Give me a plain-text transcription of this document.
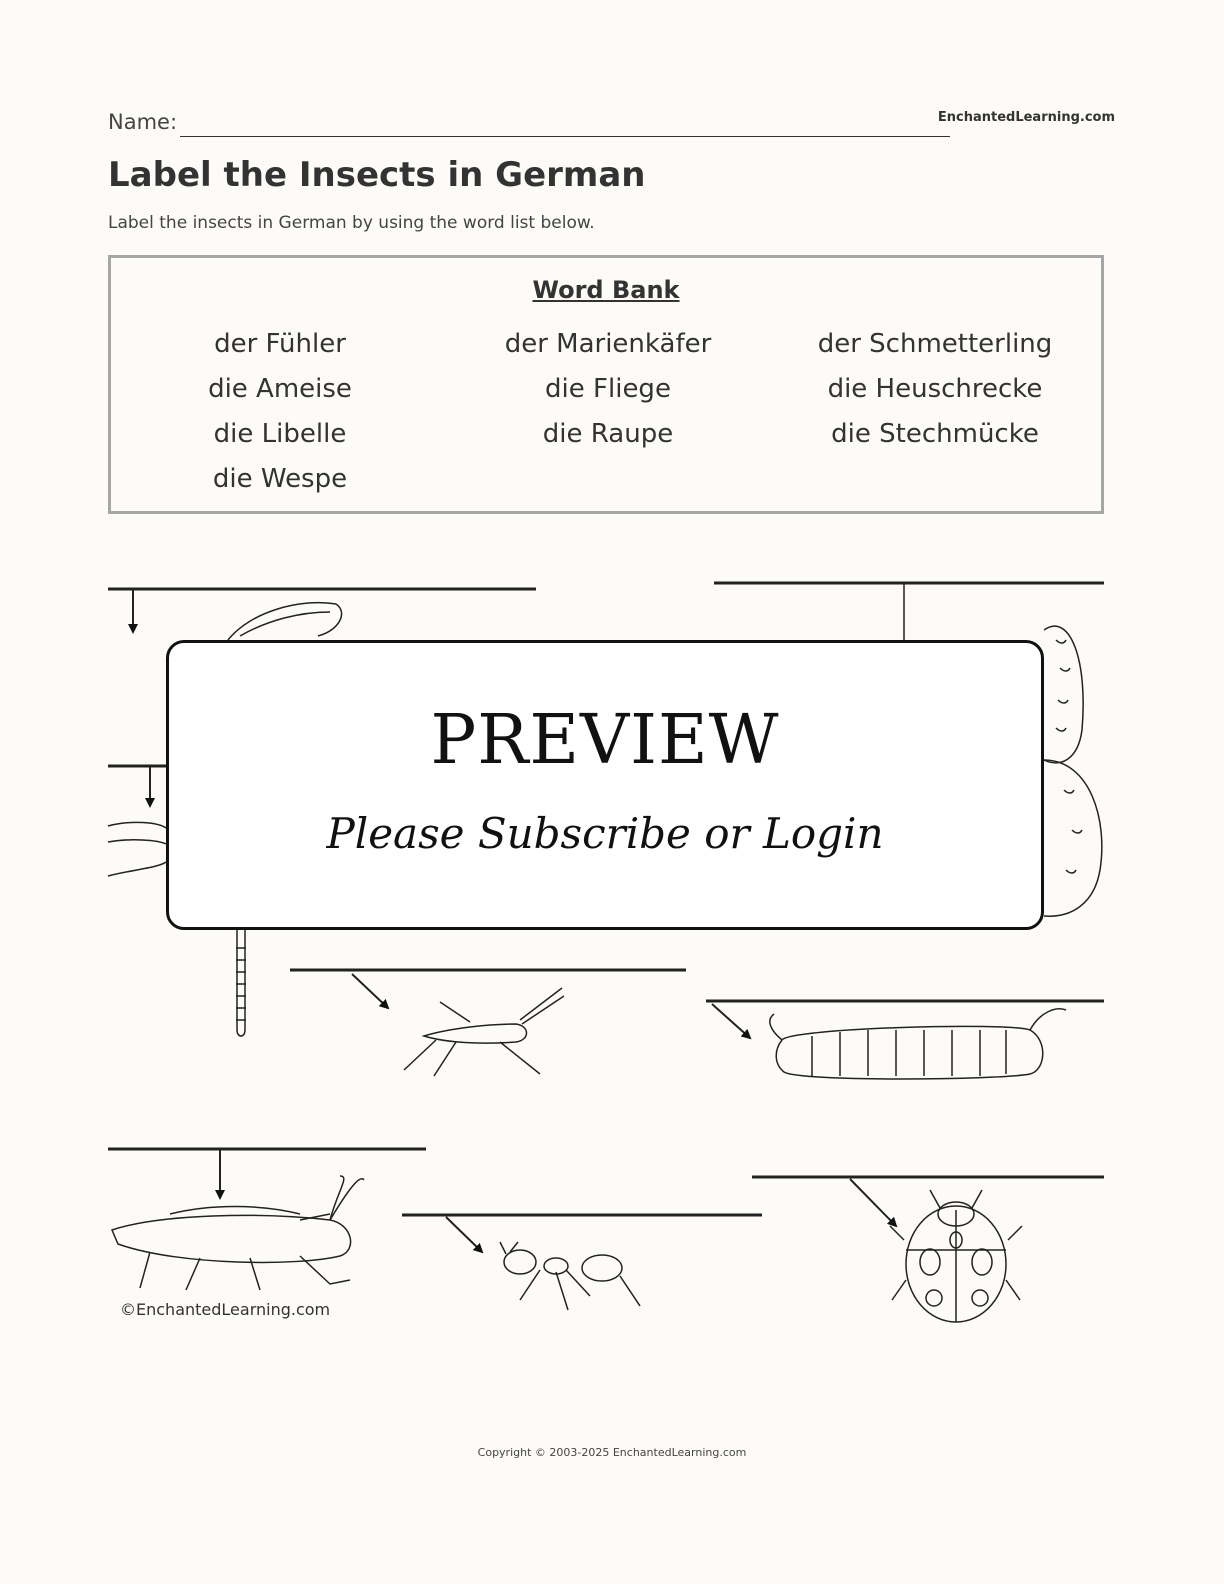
Name:	EnchantedLearning.com
Label the Insects in German
Label the insects in German by using the word list below.
Word Bank
der Fühler
die Ameise
die Libelle
die Wespe
der Marienkäfer
die Fliege
die Raupe
der Schmetterling
die Heuschrecke
die Stechmücke
PREVIEW
Please Subscribe or Login
©EnchantedLearning.com
Copyright © 2003-2025 EnchantedLearning.com
